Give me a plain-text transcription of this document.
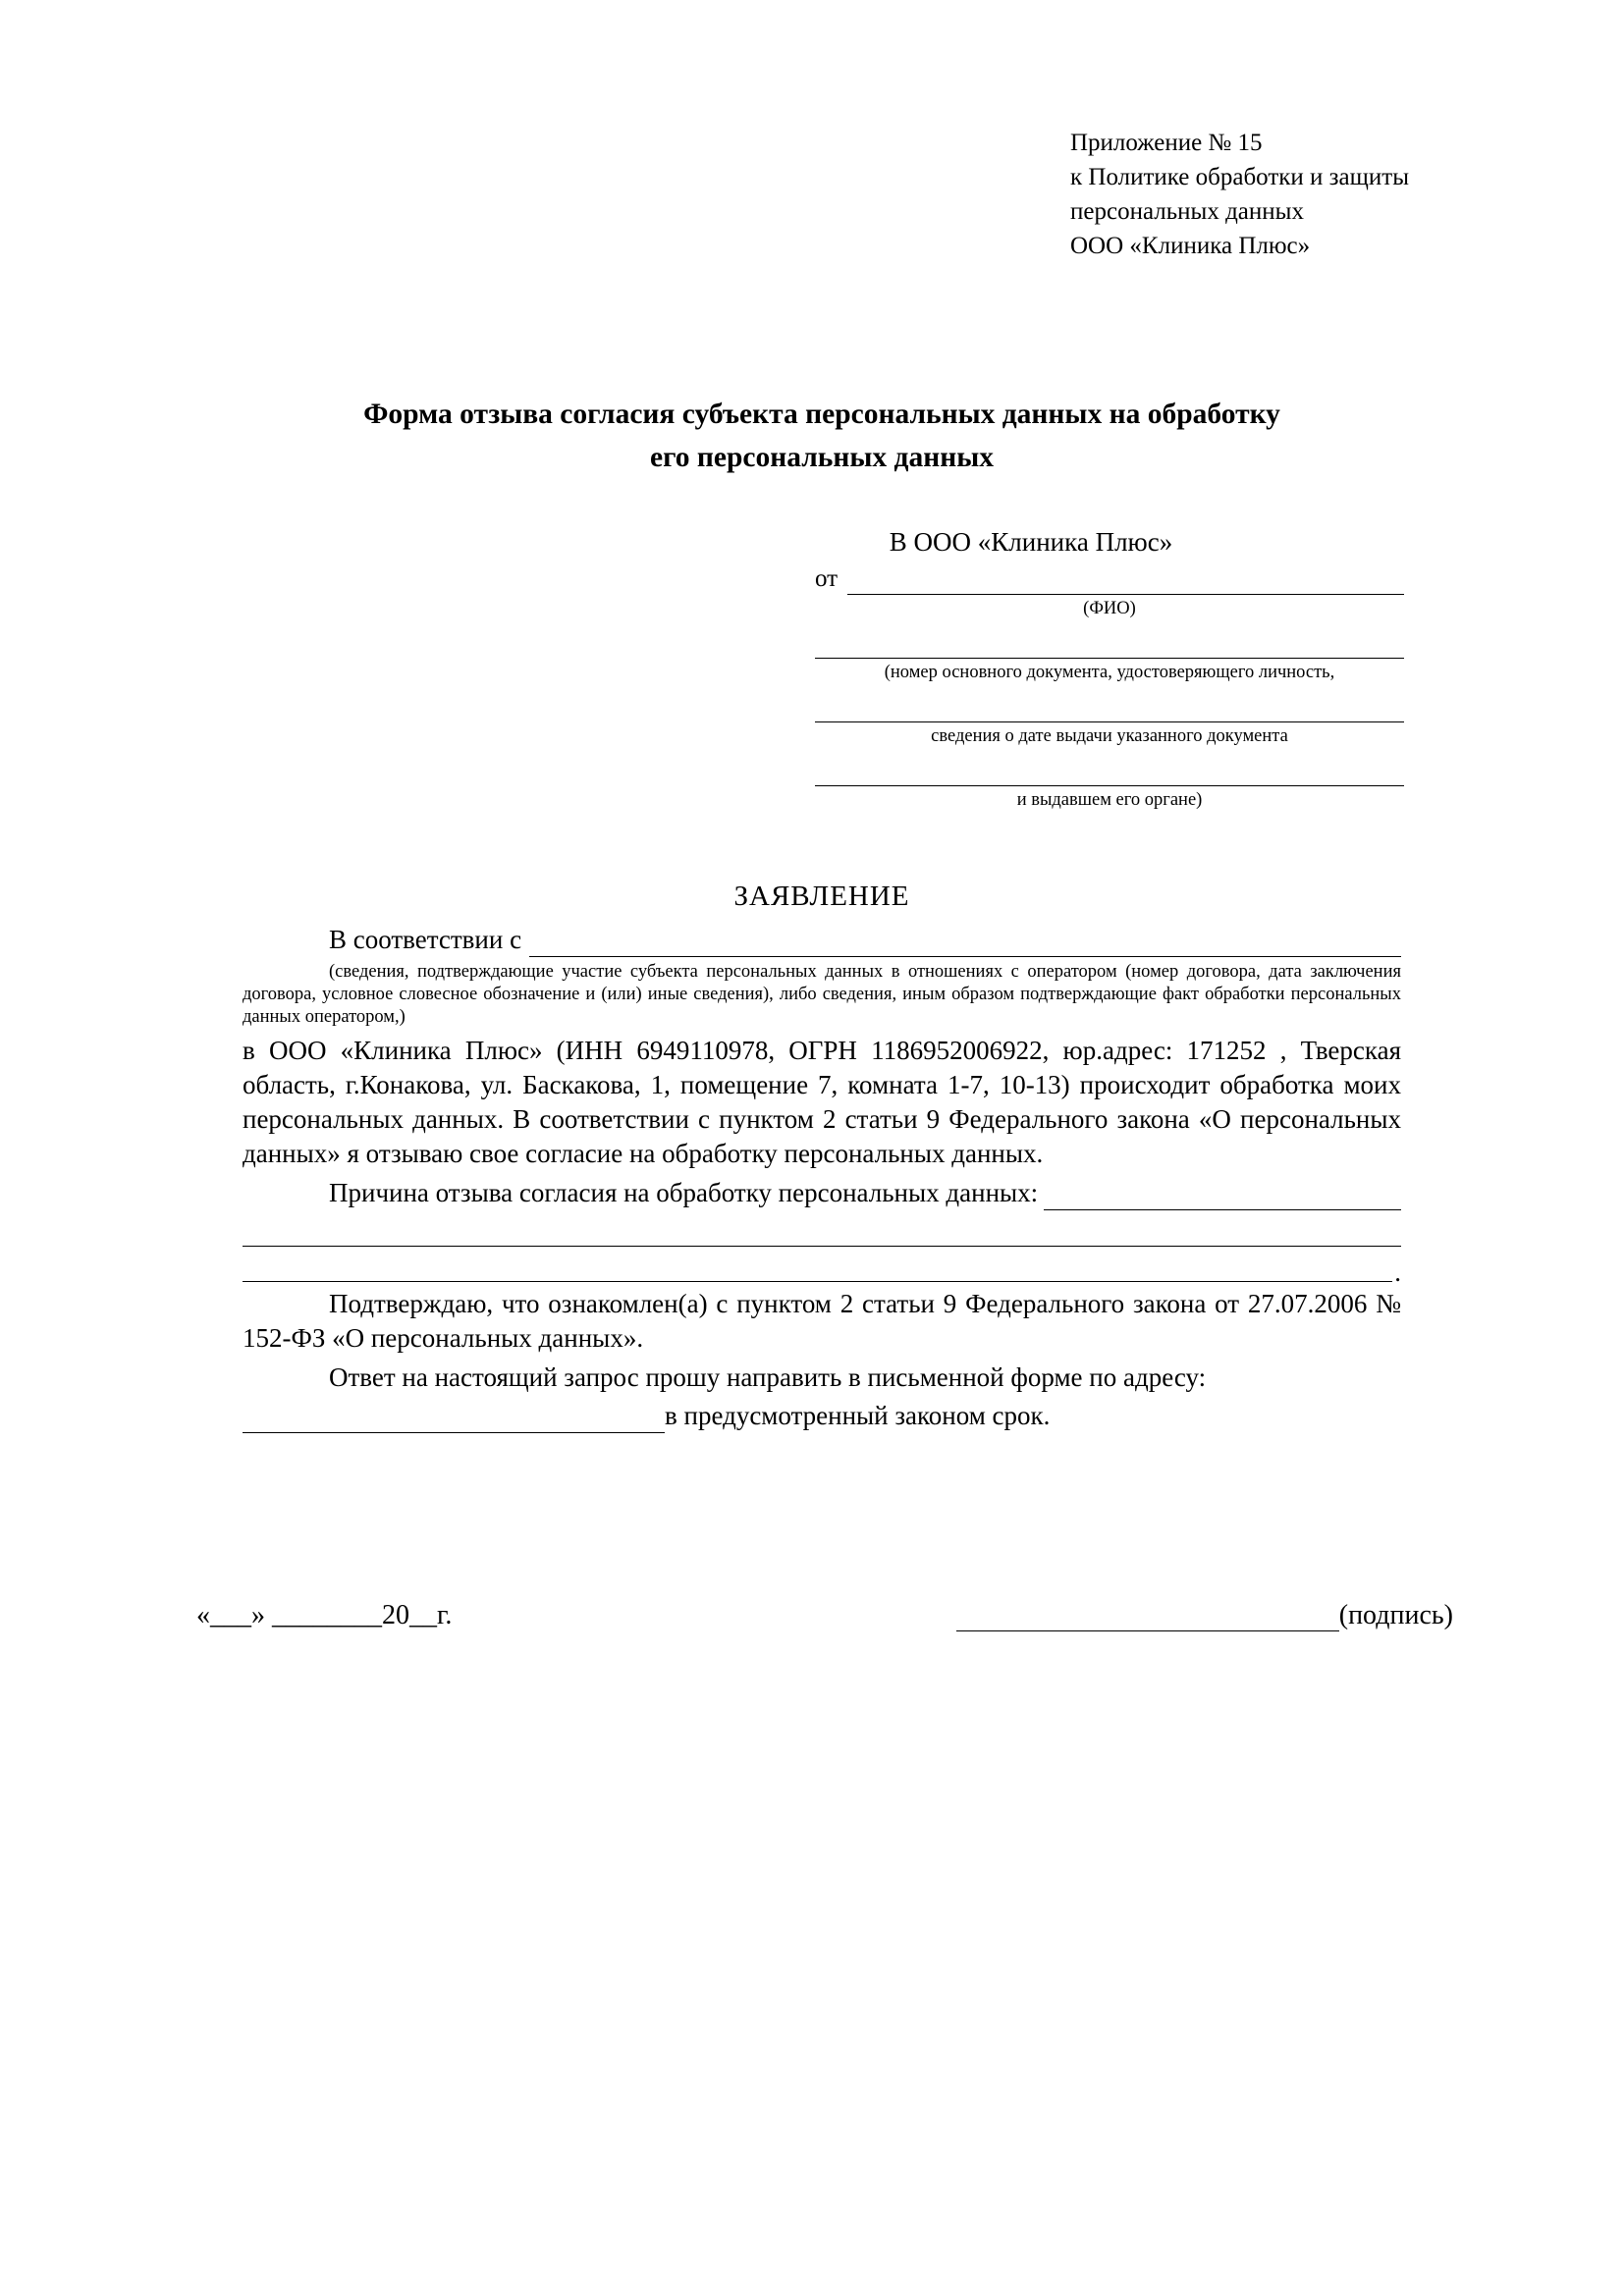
Приложение № 15
к Политике обработки и защиты
персональных данных
ООО «Клиника Плюс»
Форма отзыва согласия субъекта персональных данных на обработку
его персональных данных
В ООО «Клиника Плюс»
от
(ФИО)
(номер основного документа, удостоверяющего личность,
сведения о дате выдачи указанного документа
и выдавшем его органе)
ЗАЯВЛЕНИЕ
В соответствии с
(сведения, подтверждающие участие субъекта персональных данных в отношениях с оператором (номер договора, дата заключения договора, условное словесное обозначение и (или) иные сведения), либо сведения, иным образом подтверждающие факт обработки персональных данных оператором,)
в ООО «Клиника Плюс» (ИНН 6949110978, ОГРН 1186952006922, юр.адрес: 171252 , Тверская область, г.Конакова, ул. Баскакова, 1, помещение 7, комната 1-7, 10-13) происходит обработка моих персональных данных. В соответствии с пунктом 2 статьи 9 Федерального закона «О персональных данных» я отзываю свое согласие на обработку персональных данных.
Причина отзыва согласия на обработку персональных данных:
.
Подтверждаю, что ознакомлен(а) с пунктом 2 статьи 9 Федерального закона от 27.07.2006 № 152-ФЗ «О персональных данных».
Ответ на настоящий запрос прошу направить в письменной форме по адресу:
в предусмотренный законом срок.
«___» ________20__г.	(подпись)
